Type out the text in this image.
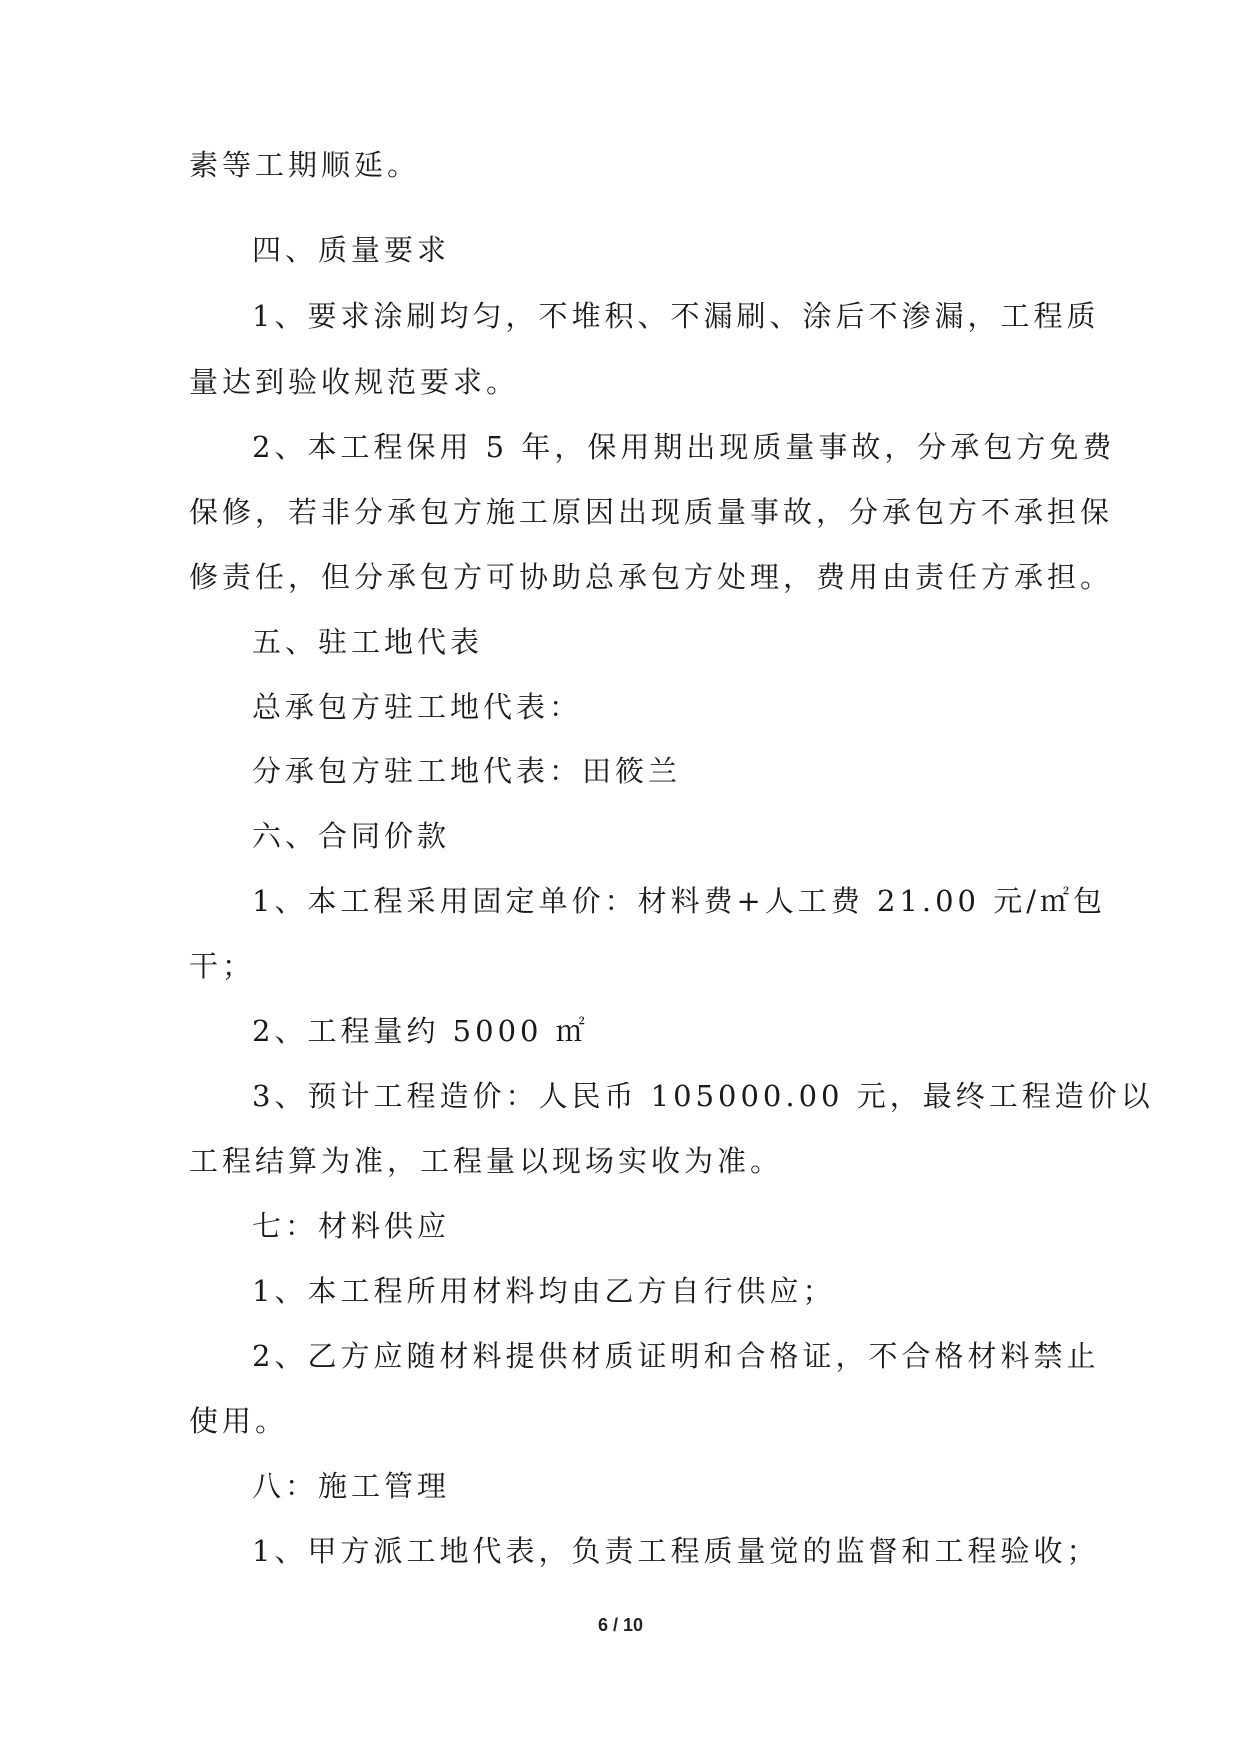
素等工期顺延。
四、质量要求
1、要求涂刷均匀，不堆积、不漏刷、涂后不渗漏，工程质
量达到验收规范要求。
2、本工程保用 5 年，保用期出现质量事故，分承包方免费
保修，若非分承包方施工原因出现质量事故，分承包方不承担保
修责任，但分承包方可协助总承包方处理，费用由责任方承担。
五、驻工地代表
总承包方驻工地代表：
分承包方驻工地代表：田筱兰
六、合同价款
1、本工程采用固定单价：材料费+人工费 21.00 元/㎡包
干；
2、工程量约 5000 ㎡
3、预计工程造价：人民币 105000.00 元，最终工程造价以
工程结算为准，工程量以现场实收为准。
七：材料供应
1、本工程所用材料均由乙方自行供应；
2、乙方应随材料提供材质证明和合格证，不合格材料禁止
使用。
八：施工管理
1、甲方派工地代表，负责工程质量觉的监督和工程验收；
6 / 10
